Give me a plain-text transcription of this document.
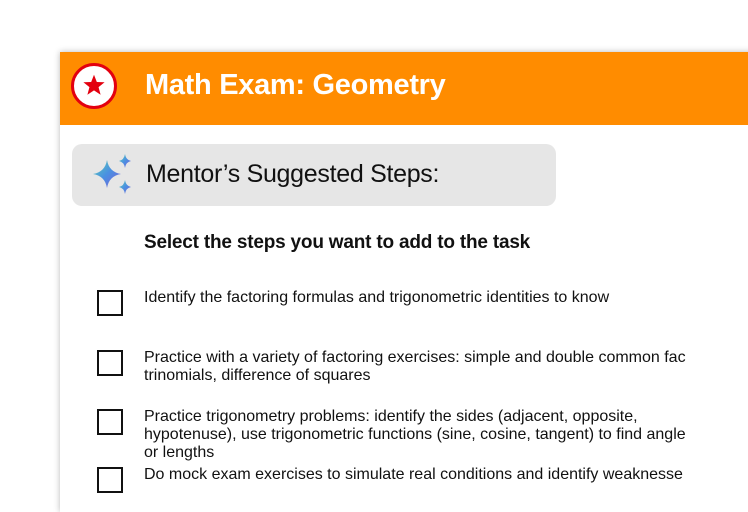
Math Exam: Geometry
Mentor’s Suggested Steps:
Select the steps you want to add to the task
Identify the factoring formulas and trigonometric identities to know
Practice with a variety of factoring exercises: simple and double common fac
trinomials, difference of squares
Practice trigonometry problems: identify the sides (adjacent, opposite,
hypotenuse), use trigonometric functions (sine, cosine, tangent) to find angle
or lengths
Do mock exam exercises to simulate real conditions and identify weaknesse
